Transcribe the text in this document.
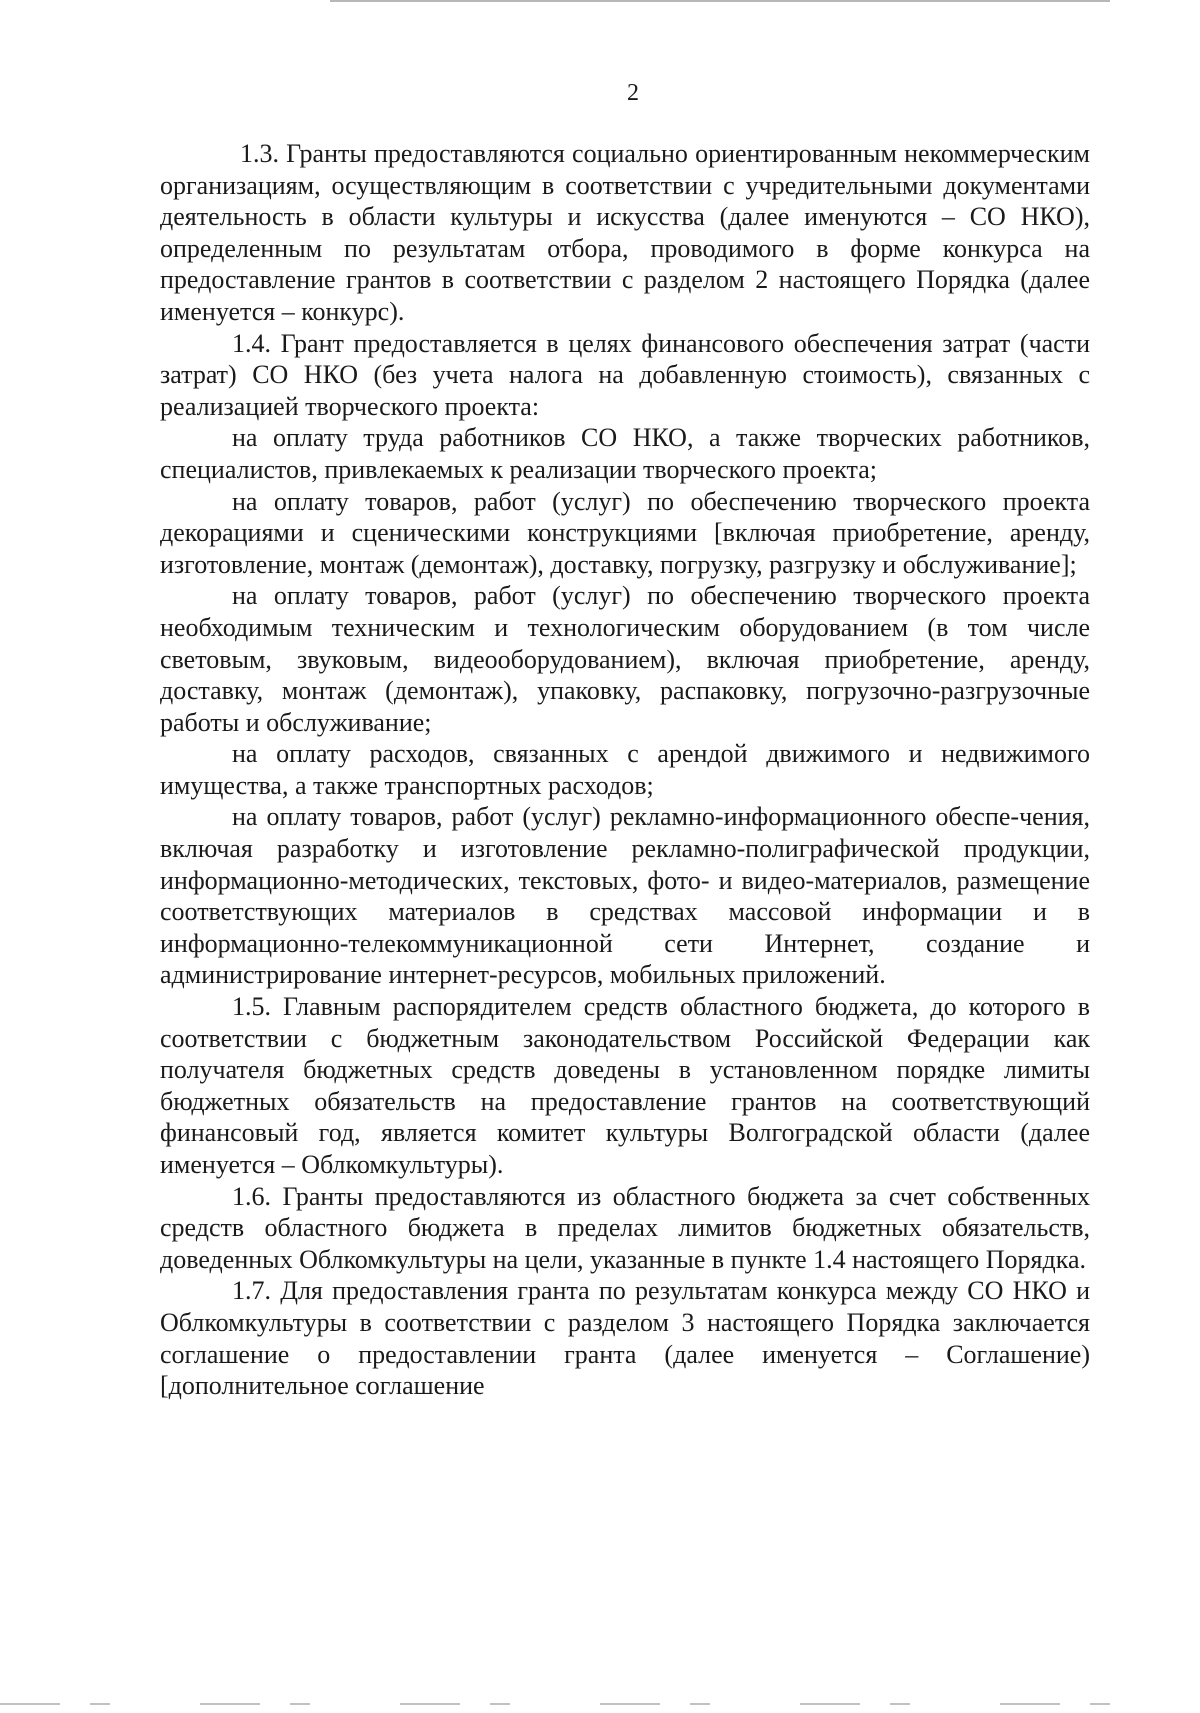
2

1.3. Гранты предоставляются социально ориентированным некоммерческим организациям, осуществляющим в соответствии с учредительными документами деятельность в области культуры и искусства (далее именуются – СО НКО), определенным по результатам отбора, проводимого в форме конкурса на предоставление грантов в соответствии с разделом 2 настоящего Порядка (далее именуется – конкурс).

1.4. Грант предоставляется в целях финансового обеспечения затрат (части затрат) СО НКО (без учета налога на добавленную стоимость), связанных с реализацией творческого проекта:

на оплату труда работников СО НКО, а также творческих работников, специалистов, привлекаемых к реализации творческого проекта;

на оплату товаров, работ (услуг) по обеспечению творческого проекта декорациями и сценическими конструкциями [включая приобретение, аренду, изготовление, монтаж (демонтаж), доставку, погрузку, разгрузку и обслуживание];

на оплату товаров, работ (услуг) по обеспечению творческого проекта необходимым техническим и технологическим оборудованием (в том числе световым, звуковым, видеооборудованием), включая приобретение, аренду, доставку, монтаж (демонтаж), упаковку, распаковку, погрузочно-разгрузочные работы и обслуживание;

на оплату расходов, связанных с арендой движимого и недвижимого имущества, а также транспортных расходов;

на оплату товаров, работ (услуг) рекламно-информационного обеспе-чения, включая разработку и изготовление рекламно-полиграфической продукции, информационно-методических, текстовых, фото- и видео-материалов, размещение соответствующих материалов в средствах массовой информации и в информационно-телекоммуникационной сети Интернет, создание и администрирование интернет-ресурсов, мобильных приложений.

1.5. Главным распорядителем средств областного бюджета, до которого в соответствии с бюджетным законодательством Российской Федерации как получателя бюджетных средств доведены в установленном порядке лимиты бюджетных обязательств на предоставление грантов на соответствующий финансовый год, является комитет культуры Волгоградской области (далее именуется – Облкомкультуры).

1.6. Гранты предоставляются из областного бюджета за счет собственных средств областного бюджета в пределах лимитов бюджетных обязательств, доведенных Облкомкультуры на цели, указанные в пункте 1.4 настоящего Порядка.

1.7. Для предоставления гранта по результатам конкурса между СО НКО и Облкомкультуры в соответствии с разделом 3 настоящего Порядка заключается соглашение о предоставлении гранта (далее именуется – Соглашение) [дополнительное соглашение
